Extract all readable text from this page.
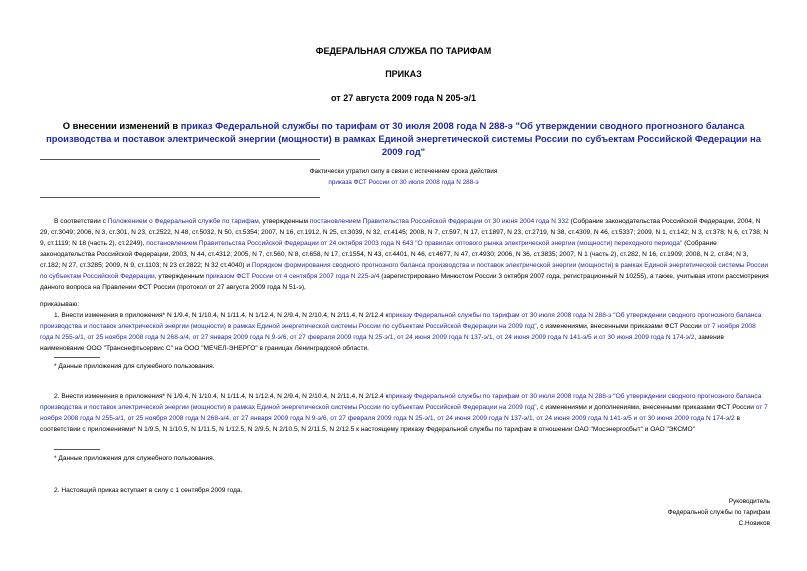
ФЕДЕРАЛЬНАЯ СЛУЖБА ПО ТАРИФАМ
ПРИКАЗ
от 27 августа 2009 года N 205-э/1
О внесении изменений в приказ Федеральной службы по тарифам от 30 июля 2008 года N 288-э "Об утверждении сводного прогнозного баланса производства и поставок электрической энергии (мощности) в рамках Единой энергетической системы России по субъектам Российской Федерации на 2009 год"
Фактически утратил силу в связи с истечением срока действия
приказа ФСТ России от 30 июля 2008 года N 288-э
В соответствии с Положением о Федеральной службе по тарифам, утвержденным постановлением Правительства Российской Федерации от 30 июня 2004 года N 332 (Собрание законодательства Российской Федерации, 2004, N 29, ст.3049; 2006, N 3, ст.301, N 23, ст.2522, N 48, ст.5032, N 50, ст.5354; 2007, N 16, ст.1912, N 25, ст.3039, N 32, ст.4145; 2008, N 7, ст.597, N 17, ст.1897, N 23, ст.2719, N 38, ст.4309, N 46, ст.5337; 2009, N 1, ст.142; N 3, ст.378; N 6, ст.738; N 9, ст.1119; N 18 (часть 2), ст.2249), постановлением Правительства Российской Федерации от 24 октября 2003 года N 643 "О правилах оптового рынка электрической энергии (мощности) переходного периода" (Собрание законодательства Российской Федерации, 2003, N 44, ст.4312; 2005, N 7, ст.560, N 8, ст.658, N 17, ст.1554, N 43, ст.4401, N 46, ст.4677, N 47, ст.4930; 2006, N 36, ст.3835; 2007, N 1 (часть 2), ст.282, N 16, ст.1909; 2008, N 2, ст.84; N 3, ст.182; N 27, ст.3285; 2009, N 9, ст.1103; N 23 ст.2822; N 32 ст.4040) и Порядком формирования сводного прогнозного баланса производства и поставок электрической энергии (мощности) в рамках Единой энергетической системы России по субъектам Российской Федерации, утвержденным приказом ФСТ России от 4 сентября 2007 года N 225-э/4 (зарегистрировано Минюстом России 3 октября 2007 года, регистрационный N 10255), а также, учитывая итоги рассмотрения данного вопроса на Правлении ФСТ России (протокол от 27 августа 2009 года N 51-э),
приказываю:
1. Внести изменения в приложения* N 1/9.4, N 1/10.4, N 1/11.4, N 1/12.4, N 2/9.4, N 2/10.4, N 2/11.4, N 2/12.4 кприказу Федеральной службы по тарифам от 30 июля 2008 года N 288-э "Об утверждении сводного прогнозного баланса производства и поставок электрической энергии (мощности) в рамках Единой энергетической системы России по субъектам Российской Федерации на 2009 год", с изменениями, внесенными приказами ФСТ России от 7 ноября 2008 года N 255-э/1, от 25 ноября 2008 года N 268-э/4, от 27 января 2009 года N 9-э/6, от 27 февраля 2009 года N 25-э/1, от 24 июня 2009 года N 137-э/1, от 24 июня 2009 года N 141-э/5 и от 30 июня 2009 года N 174-э/2, заменив наименование ООО "Транснефтьсервис С" на ООО "МЕЧЕЛ-ЭНЕРГО" в границах Ленинградской области.
* Данные приложения для служебного пользования.
2. Внести изменения в приложения* N 1/9.4, N 1/10.4, N 1/11.4, N 1/12.4, N 2/9.4, N 2/10.4, N 2/11.4, N 2/12.4 кприказу Федеральной службы по тарифам от 30 июля 2008 года N 288-э "Об утверждении сводного прогнозного баланса производства и поставок электрической энергии (мощности) в рамках Единой энергетической системы России по субъектам Российской Федерации на 2009 год", с изменениями и дополнениями, внесенными приказами ФСТ России от 7 ноября 2008 года N 255-э/1, от 25 ноября 2008 года N 268-э/4, от 27 января 2009 года N 9-э/6, от 27 февраля 2009 года N 25-э/1, от 24 июня 2009 года N 137-э/1, от 24 июня 2009 года N 141-э/5 и от 30 июня 2009 года N 174-э/2 в соответствии с приложениями* N 1/9.5, N 1/10.5, N 1/11.5, N 1/12.5, N 2/9.5, N 2/10.5, N 2/11.5, N 2/12.5 к настоящему приказу Федеральной службы по тарифам в отношении ОАО "Мосэнергосбыт" и ОАО "ЭКСМО"
* Данные приложения для служебного пользования.
2. Настоящий приказ вступает в силу с 1 сентября 2009 года.
Руководитель
Федеральной службы по тарифам
С.Новиков
